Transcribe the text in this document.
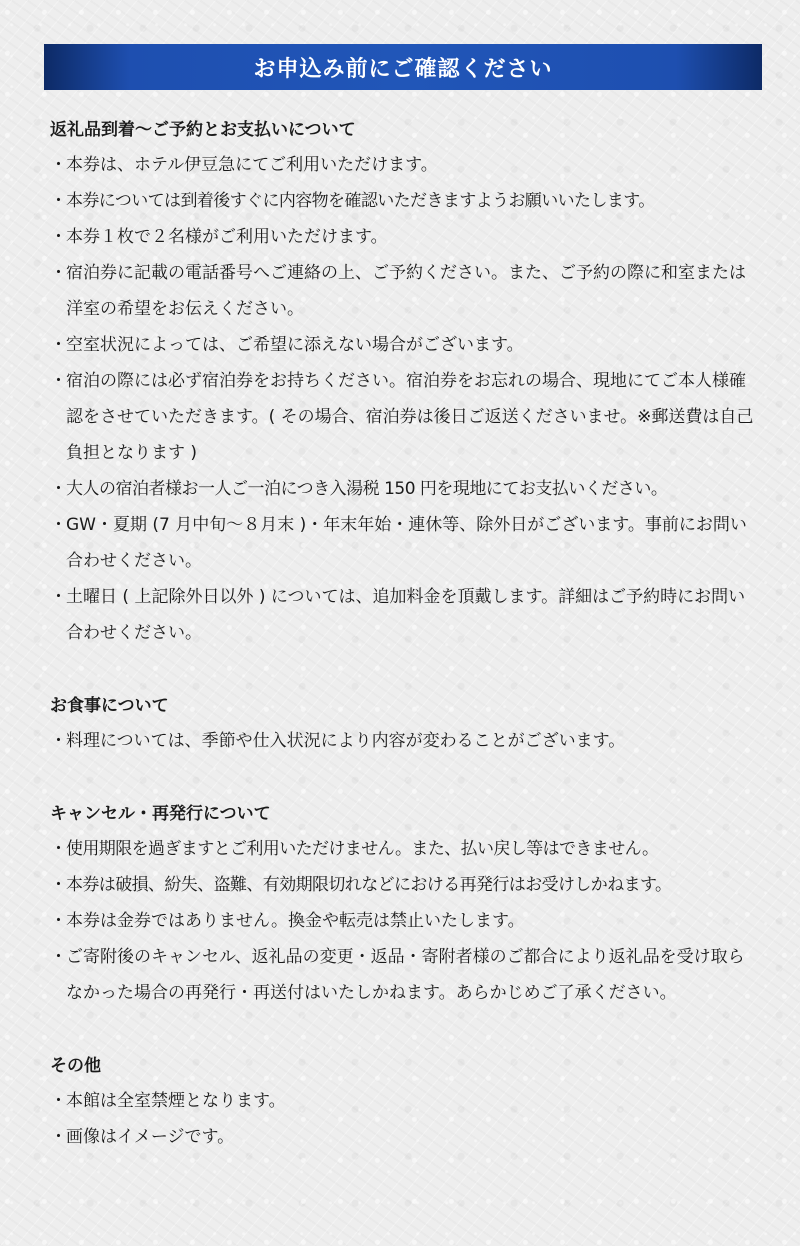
お申込み前にご確認ください
返礼品到着〜ご予約とお支払いについて
・ 本券は、ホテル伊豆急にてご利用いただけます。
・ 本券については到着後すぐに内容物を確認いただきますようお願いいたします。
・ 本券１枚で２名様がご利用いただけます。
・ 宿泊券に記載の電話番号へご連絡の上、ご予約ください。また、ご予約の際に和室または洋室の希望をお伝えください。
・ 空室状況によっては、ご希望に添えない場合がございます。
・ 宿泊の際には必ず宿泊券をお持ちください。宿泊券をお忘れの場合、現地にてご本人様確認をさせていただきます。( その場合、宿泊券は後日ご返送くださいませ。※郵送費は自己負担となります )
・ 大人の宿泊者様お一人ご一泊につき入湯税 150 円を現地にてお支払いください。
・ GW・夏期 (7 月中旬〜８月末 )・年末年始・連休等、除外日がございます。事前にお問い合わせください。
・ 土曜日 ( 上記除外日以外 ) については、追加料金を頂戴します。詳細はご予約時にお問い合わせください。
お食事について
・ 料理については、季節や仕入状況により内容が変わることがございます。
キャンセル・再発行について
・ 使用期限を過ぎますとご利用いただけません。また、払い戻し等はできません。
・ 本券は破損、紛失、盗難、有効期限切れなどにおける再発行はお受けしかねます。
・ 本券は金券ではありません。換金や転売は禁止いたします。
・ ご寄附後のキャンセル、返礼品の変更・返品・寄附者様のご都合により返礼品を受け取らなかった場合の再発行・再送付はいたしかねます。あらかじめご了承ください。
その他
・ 本館は全室禁煙となります。
・ 画像はイメージです。
